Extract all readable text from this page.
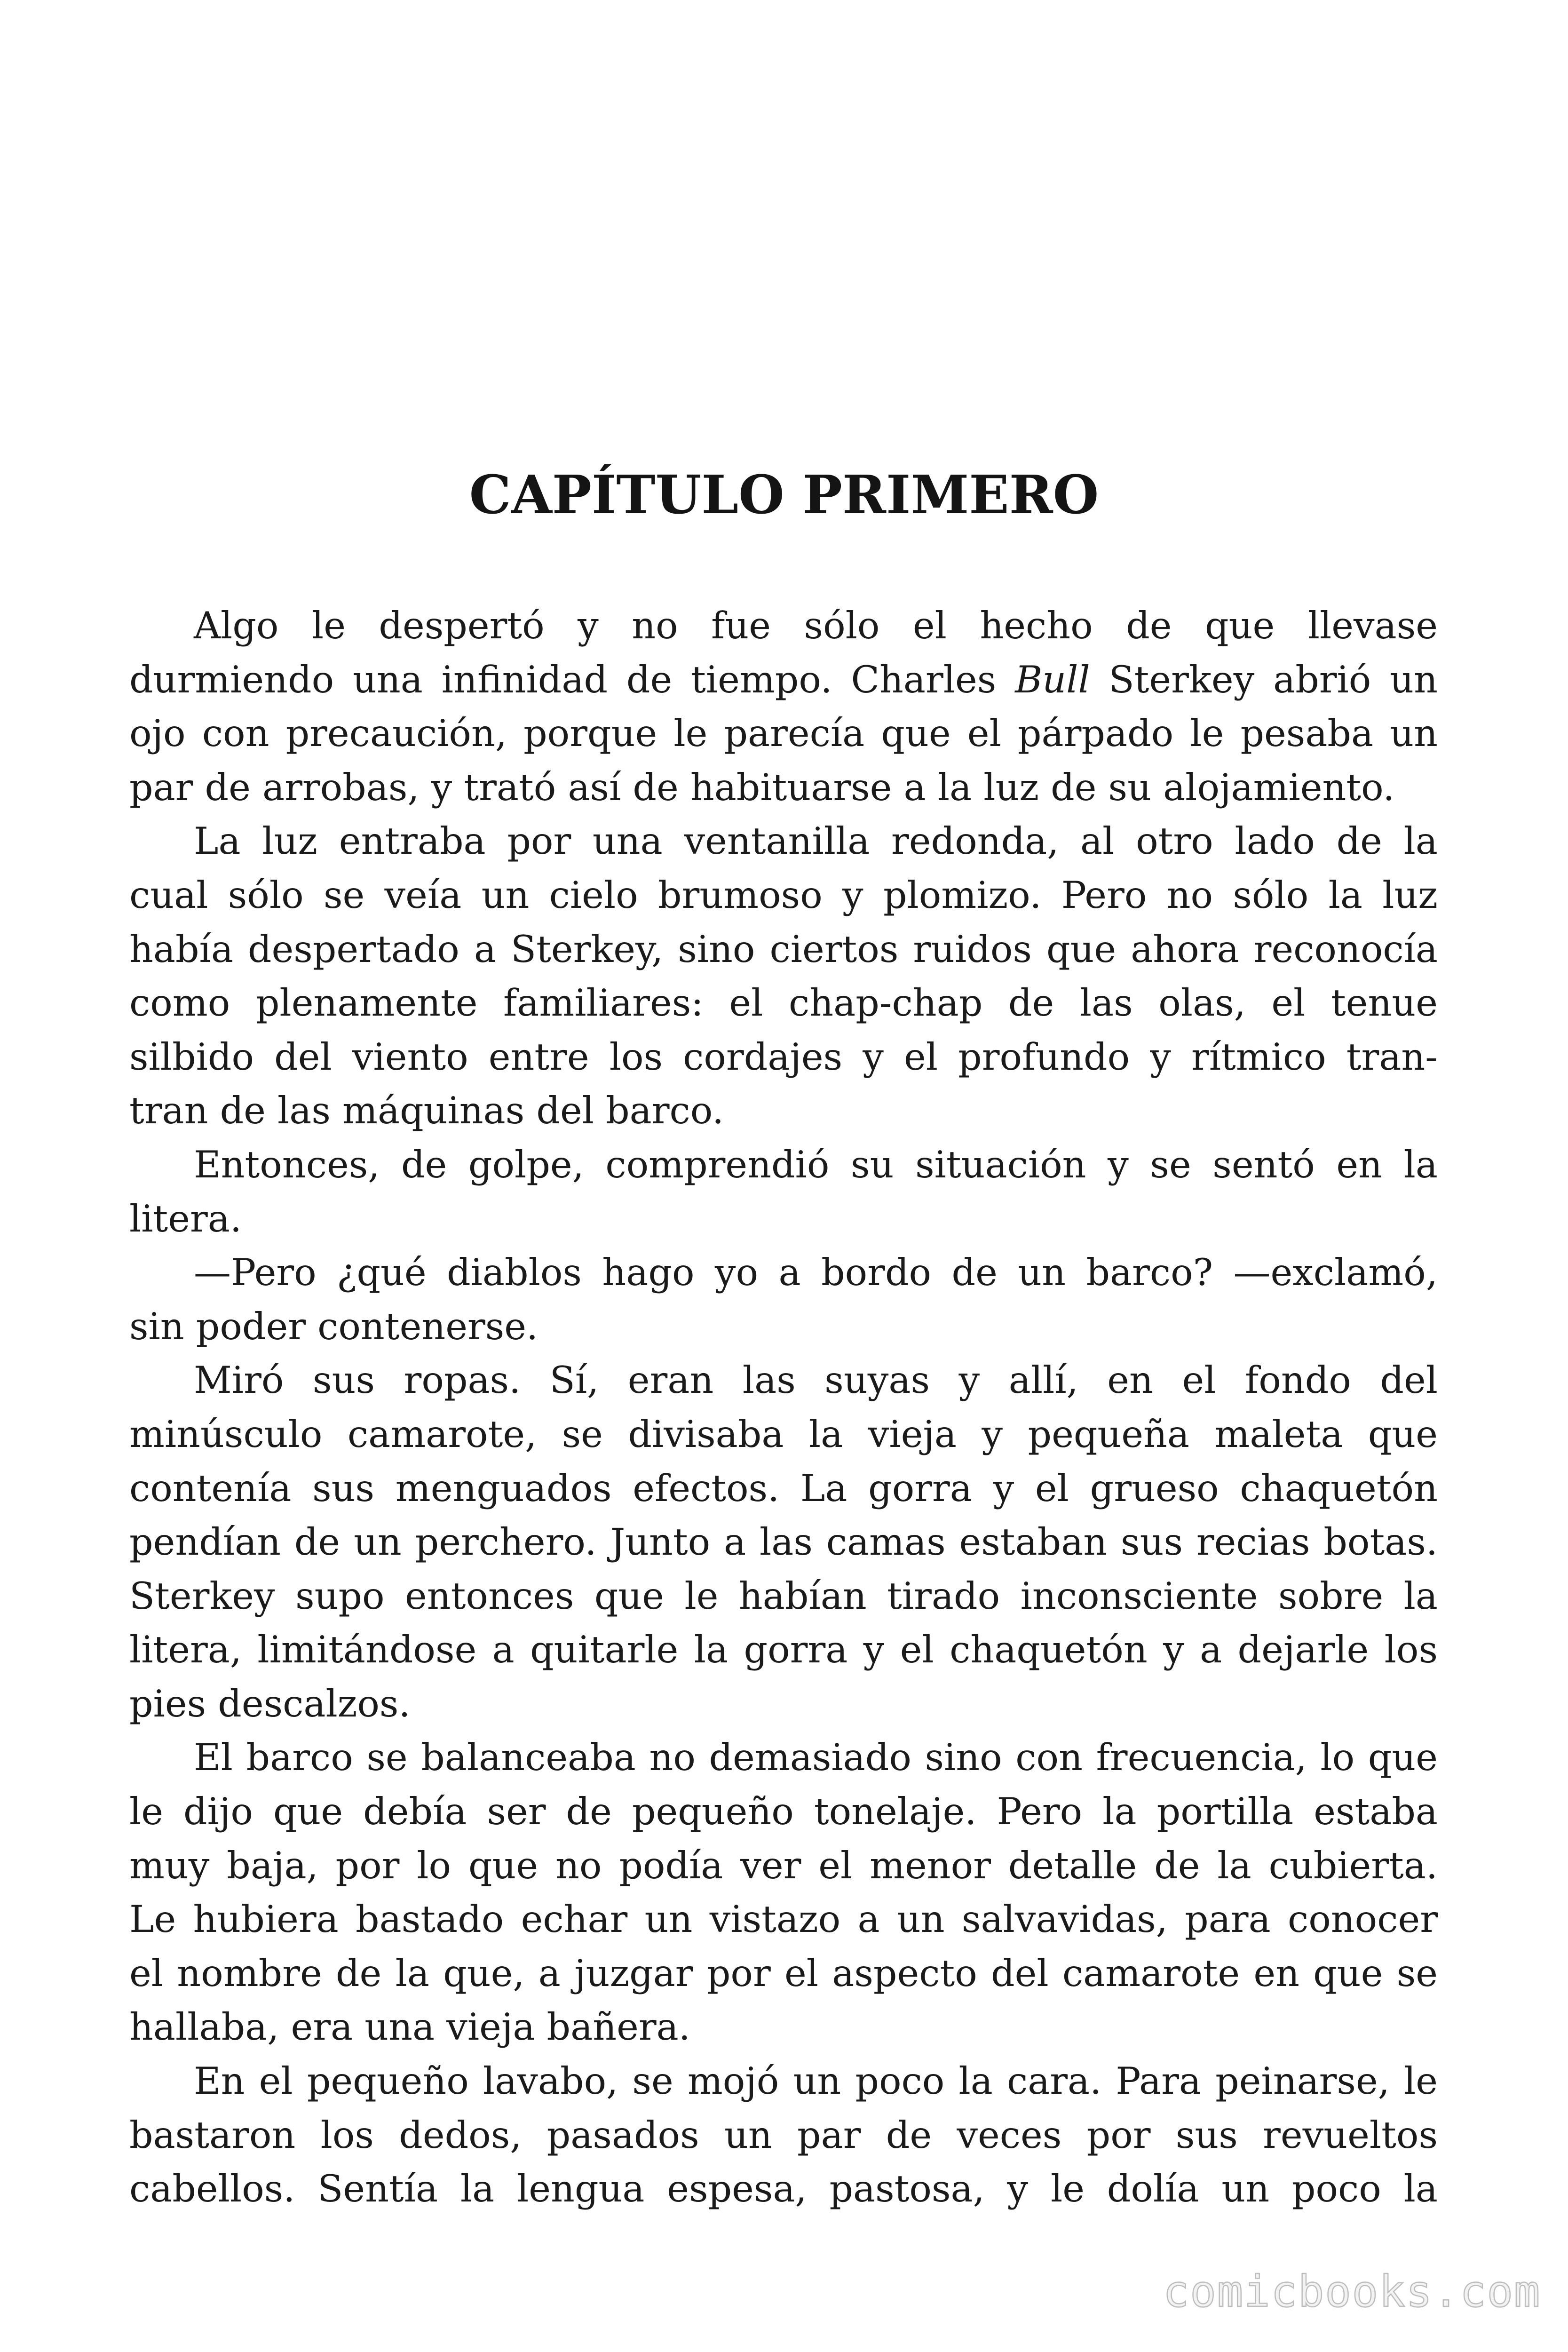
CAPÍTULO PRIMERO
Algo le despertó y no fue sólo el hecho de que llevase
durmiendo una infinidad de tiempo. Charles Bull Sterkey abrió un
ojo con precaución, porque le parecía que el párpado le pesaba un
par de arrobas, y trató así de habituarse a la luz de su alojamiento.
La luz entraba por una ventanilla redonda, al otro lado de la
cual sólo se veía un cielo brumoso y plomizo. Pero no sólo la luz
había despertado a Sterkey, sino ciertos ruidos que ahora reconocía
como plenamente familiares: el chap-chap de las olas, el tenue
silbido del viento entre los cordajes y el profundo y rítmico tran-
tran de las máquinas del barco.
Entonces, de golpe, comprendió su situación y se sentó en la
litera.
—Pero ¿qué diablos hago yo a bordo de un barco? —exclamó,
sin poder contenerse.
Miró sus ropas. Sí, eran las suyas y allí, en el fondo del
minúsculo camarote, se divisaba la vieja y pequeña maleta que
contenía sus menguados efectos. La gorra y el grueso chaquetón
pendían de un perchero. Junto a las camas estaban sus recias botas.
Sterkey supo entonces que le habían tirado inconsciente sobre la
litera, limitándose a quitarle la gorra y el chaquetón y a dejarle los
pies descalzos.
El barco se balanceaba no demasiado sino con frecuencia, lo que
le dijo que debía ser de pequeño tonelaje. Pero la portilla estaba
muy baja, por lo que no podía ver el menor detalle de la cubierta.
Le hubiera bastado echar un vistazo a un salvavidas, para conocer
el nombre de la que, a juzgar por el aspecto del camarote en que se
hallaba, era una vieja bañera.
En el pequeño lavabo, se mojó un poco la cara. Para peinarse, le
bastaron los dedos, pasados un par de veces por sus revueltos
cabellos. Sentía la lengua espesa, pastosa, y le dolía un poco la
comicbooks.com
